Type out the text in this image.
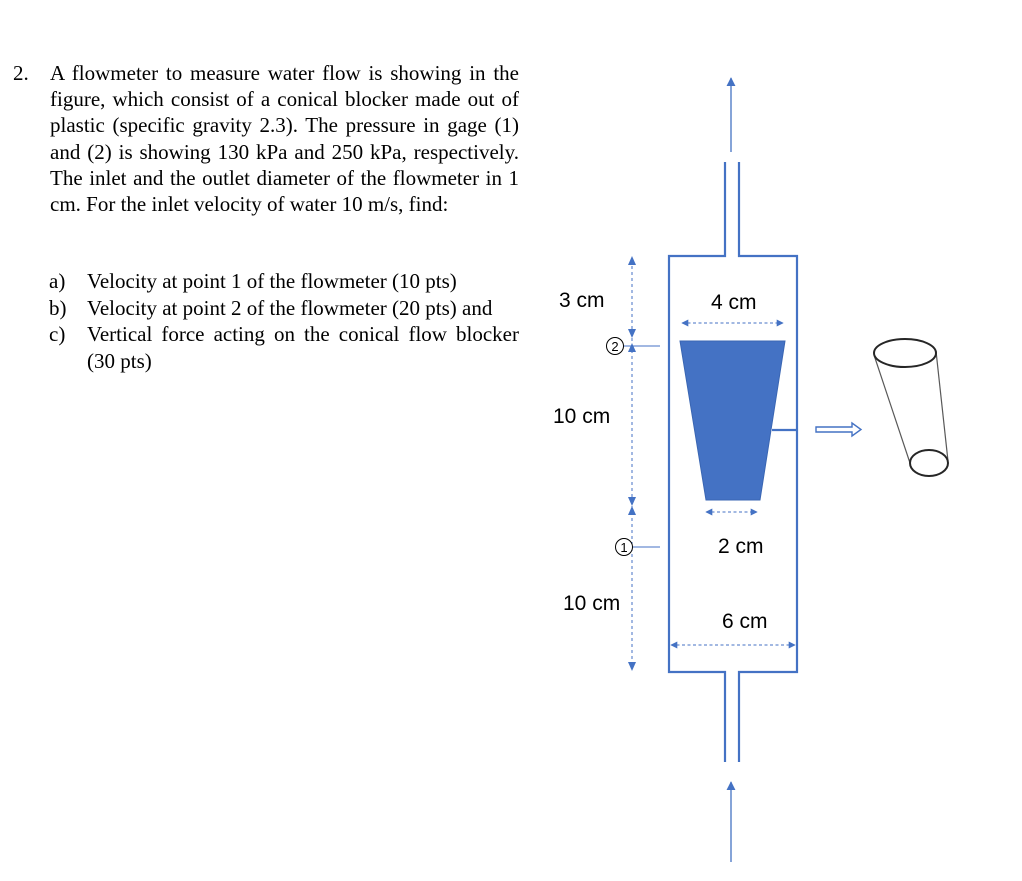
2. A flowmeter to measure water flow is showing in the figure, which consist of a conical blocker made out of plastic (specific gravity 2.3). The pressure in gage (1) and (2) is showing 130 kPa and 250 kPa, respectively. The inlet and the outlet diameter of the flowmeter in 1 cm. For the inlet velocity of water 10 m/s, find:

a) Velocity at point 1 of the flowmeter (10 pts)
b) Velocity at point 2 of the flowmeter (20 pts) and
c) Vertical force acting on the conical flow blocker (30 pts)
2
1
3 cm
10 cm
10 cm
4 cm
2 cm
6 cm
